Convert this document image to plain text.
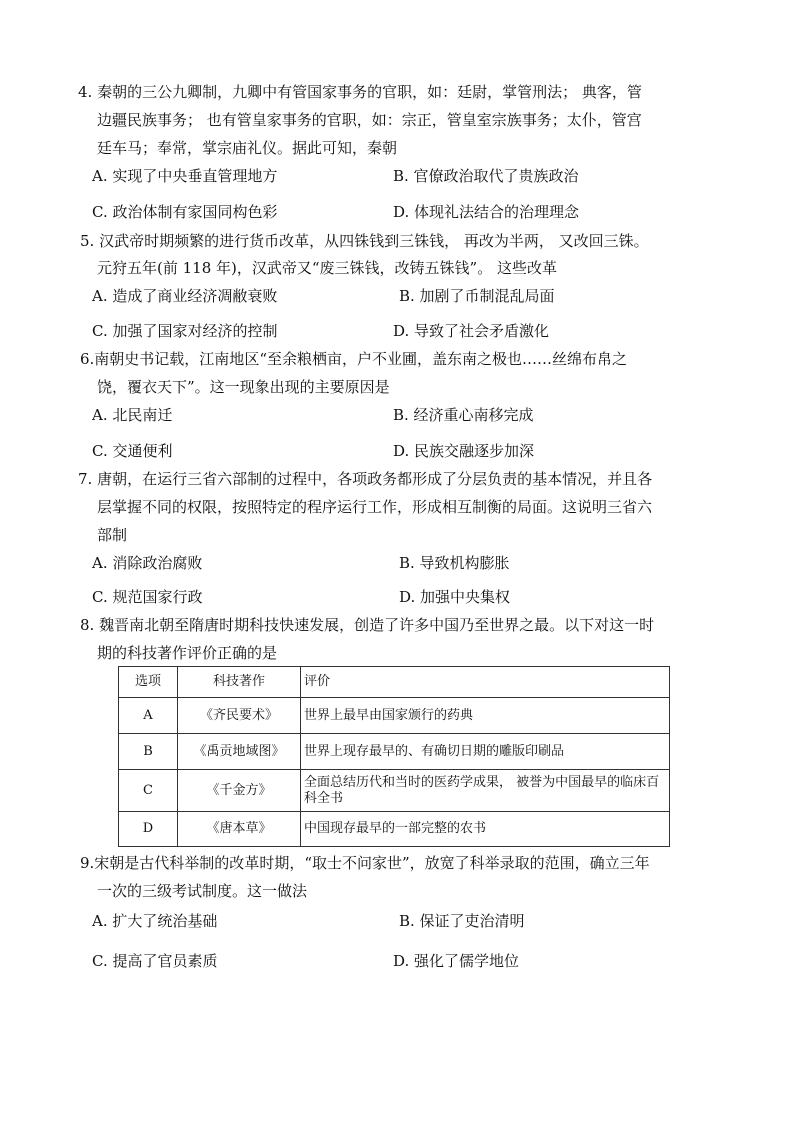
4. 秦朝的三公九卿制，九卿中有管国家事务的官职，如：廷尉，掌管刑法； 典客，管
边疆民族事务； 也有管皇家事务的官职，如：宗正，管皇室宗族事务；太仆，管宫
廷车马；奉常，掌宗庙礼仪。据此可知，秦朝
A. 实现了中央垂直管理地方	B. 官僚政治取代了贵族政治
C. 政治体制有家国同构色彩	D. 体现礼法结合的治理理念
5. 汉武帝时期频繁的进行货币改革，从四铢钱到三铢钱， 再改为半两， 又改回三铢。
元狩五年(前 118 年)，汉武帝又“废三铢钱，改铸五铢钱”。 这些改革
A. 造成了商业经济凋敝衰败	B. 加剧了币制混乱局面
C. 加强了国家对经济的控制	D. 导致了社会矛盾激化
6.南朝史书记载，江南地区“至余粮栖亩，户不业圃，盖东南之极也……丝绵布帛之
饶，覆衣天下”。这一现象出现的主要原因是
A. 北民南迁	B. 经济重心南移完成
C. 交通便利	D. 民族交融逐步加深
7. 唐朝，在运行三省六部制的过程中，各项政务都形成了分层负责的基本情况，并且各
层掌握不同的权限，按照特定的程序运行工作，形成相互制衡的局面。这说明三省六
部制
A. 消除政治腐败	B. 导致机构膨胀
C. 规范国家行政	D. 加强中央集权
8. 魏晋南北朝至隋唐时期科技快速发展，创造了许多中国乃至世界之最。以下对这一时
期的科技著作评价正确的是
选项	科技著作	评价
A	《齐民要术》	世界上最早由国家颁行的药典
B	《禹贡地域图》	世界上现存最早的、有确切日期的雕版印刷品
C	《千金方》	全面总结历代和当时的医药学成果， 被誉为中国最早的临床百科全书
D	《唐本草》	中国现存最早的一部完整的农书
9.宋朝是古代科举制的改革时期，“取士不问家世”，放宽了科举录取的范围，确立三年
一次的三级考试制度。这一做法
A. 扩大了统治基础	B. 保证了吏治清明
C. 提高了官员素质	D. 强化了儒学地位
